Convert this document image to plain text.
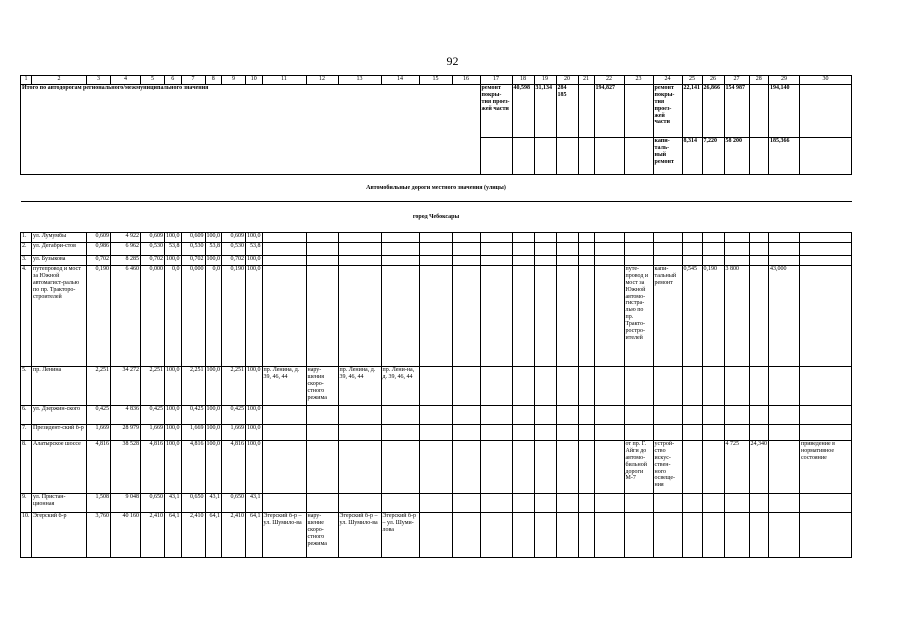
92
1	2	3	4	5	6	7	8	9	10	11	12	13	14	15	16	17	18	19	20	21	22	23	24	25	26	27	28	29	30
Итого по автодорогам регионального/межмуниципального значения																ремонт покры-тия проез-жей части	40,598	31,134	284 185		194,827		ремонт покры-тия проез-жей части	22,141	26,866	154 987		194,140	
																							капи-таль-ный ремонт	8,314	7,220	58 200		185,366	
Автомобильные дороги местного значения (улицы)																													
город Чебоксары																													
1.	ул. Лумумбы	0,609	4 922	0,609	100,0	0,609	100,0	0,609	100,0																				
2.	ул. Дегабри-стов	0,986	6 962	0,530	53,8	0,530	53,8	0,530	53,8																				
3.	ул. Бузыкова	0,702	8 285	0,702	100,0	0,702	100,0	0,702	100,0																				
4.	путепровод и мост за Южной автомагист-ралью по пр. Тракторо-строителей	0,190	6 460	0,000	0,0	0,000	0,0	0,190	100,0													путе-провод и мост за Южной автомо-гистра-лью по пр. Тракто-ростро-ителей	капи-тальный ремонт	0,545	0,190	3 800		43,000	
5.	пр. Ленина	2,251	34 272	2,251	100,0	2,251	100,0	2,251	100,0	пр. Ленина, д. 39, 46, 44	нару-шения скоро-стного режима	пр. Ленина, д. 39, 46, 44	пр. Лени-на, д. 39, 46, 44																
6.	ул. Дзержин-ского	0,425	4 836	0,425	100,0	0,425	100,0	0,425	100,0																				
7.	Президент-ский б-р	1,669	28 979	1,669	100,0	1,669	100,0	1,669	100,0																				
8.	Алатырское шоссе	4,816	38 528	4,816	100,0	4,816	100,0	4,816	100,0													от пр. Г. Айги до автомо-бильной дороги М-7	устрой-ство искус-ствен-ного освеще-ния			4 725	24,340		приведение в нормативное состояние
9.	ул. Пристан-ционная	1,508	9 048	0,650	43,1	0,650	43,1	0,650	43,1																				
10.	Эгерский б-р	3,760	40 160	2,410	64,1	2,410	64,1	2,410	64,1	Эгерский б-р – ул. Шумило-ва	нару-шение скоро-стного режима	Эгерский б-р – ул. Шумило-ва	Эгерский б-р – ул. Шуми-лова																
